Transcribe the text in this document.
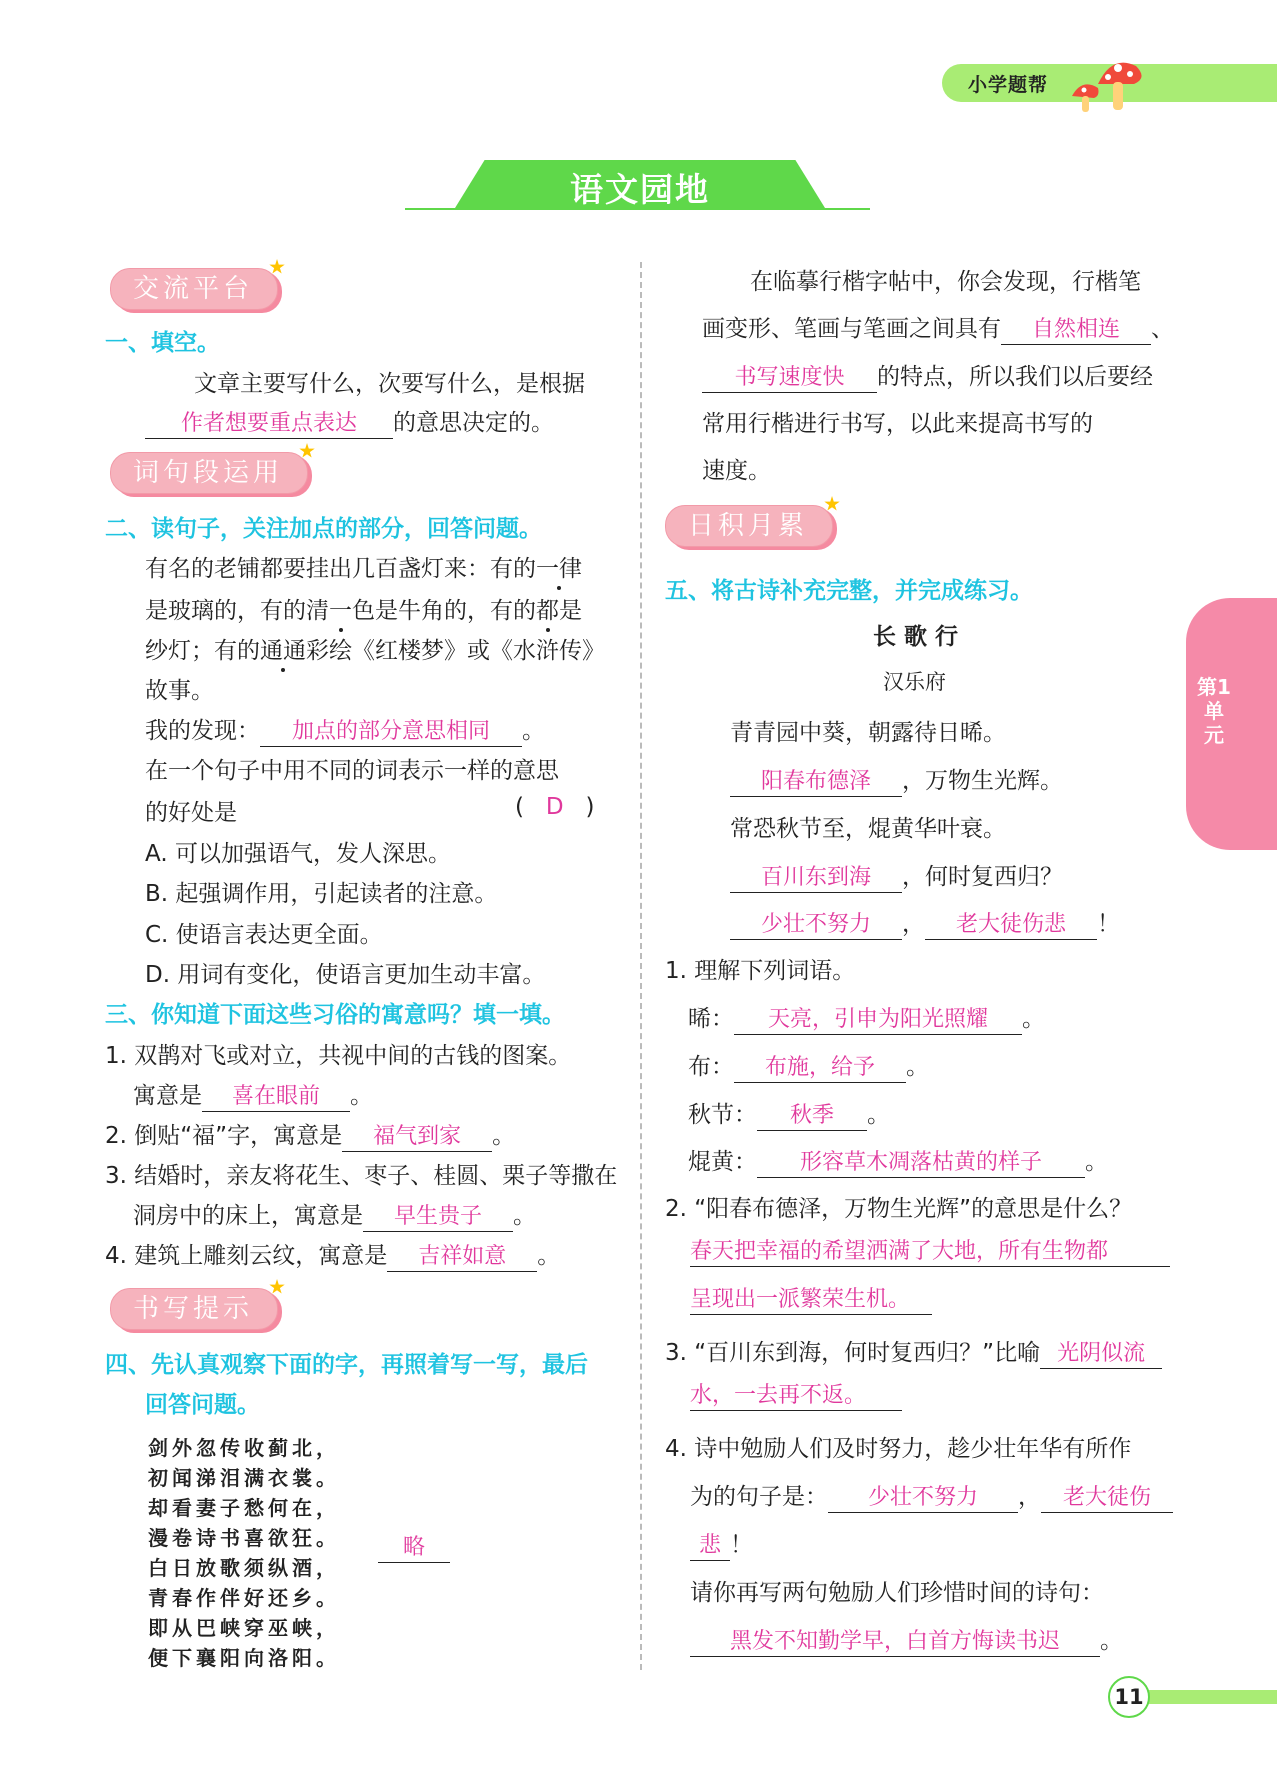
小学题帮
语文园地
第1单元
交流平台
一、填空。
文章主要写什么，次要写什么，是根据
作者想要重点表达 的意思决定的。
词句段运用
二、读句子，关注加点的部分，回答问题。
有名的老铺都要挂出几百盏灯来：有的一律
是玻璃的，有的清一色是牛角的，有的都是
纱灯；有的通通彩绘《红楼梦》或《水浒传》
故事。
我的发现： 加点的部分意思相同 。
在一个句子中用不同的词表示一样的意思
的好处是	(   D   )
A. 可以加强语气，发人深思。
B. 起强调作用，引起读者的注意。
C. 使语言表达更全面。
D. 用词有变化，使语言更加生动丰富。
三、你知道下面这些习俗的寓意吗？填一填。
1. 双鹊对飞或对立，共视中间的古钱的图案。
寓意是 喜在眼前 。
2. 倒贴“福”字，寓意是 福气到家 。
3. 结婚时，亲友将花生、枣子、桂圆、栗子等撒在
洞房中的床上，寓意是 早生贵子 。
4. 建筑上雕刻云纹，寓意是 吉祥如意 。
书写提示
四、先认真观察下面的字，再照着写一写，最后
回答问题。
剑外忽传收蓟北，
初闻涕泪满衣裳。
却看妻子愁何在，
漫卷诗书喜欲狂。
白日放歌须纵酒，
青春作伴好还乡。
即从巴峡穿巫峡，
便下襄阳向洛阳。
略
在临摹行楷字帖中，你会发现，行楷笔
画变形、笔画与笔画之间具有 自然相连 、
书写速度快 的特点，所以我们以后要经
常用行楷进行书写，以此来提高书写的
速度。
日积月累
五、将古诗补充完整，并完成练习。
长 歌 行
汉乐府
青青园中葵，朝露待日晞。
阳春布德泽 ，万物生光辉。
常恐秋节至，焜黄华叶衰。
百川东到海 ，何时复西归？
少壮不努力 ， 老大徒伤悲 ！
1. 理解下列词语。
晞： 天亮，引申为阳光照耀 。
布： 布施，给予 。
秋节： 秋季 。
焜黄： 形容草木凋落枯黄的样子 。
2. “阳春布德泽，万物生光辉”的意思是什么？
春天把幸福的希望洒满了大地，所有生物都
呈现出一派繁荣生机。
3. “百川东到海，何时复西归？”比喻 光阴似流
水，一去再不返。
4. 诗中勉励人们及时努力，趁少壮年华有所作
为的句子是： 少壮不努力 ， 老大徒伤
悲 ！
请你再写两句勉励人们珍惜时间的诗句：
黑发不知勤学早，白首方悔读书迟 。
11
